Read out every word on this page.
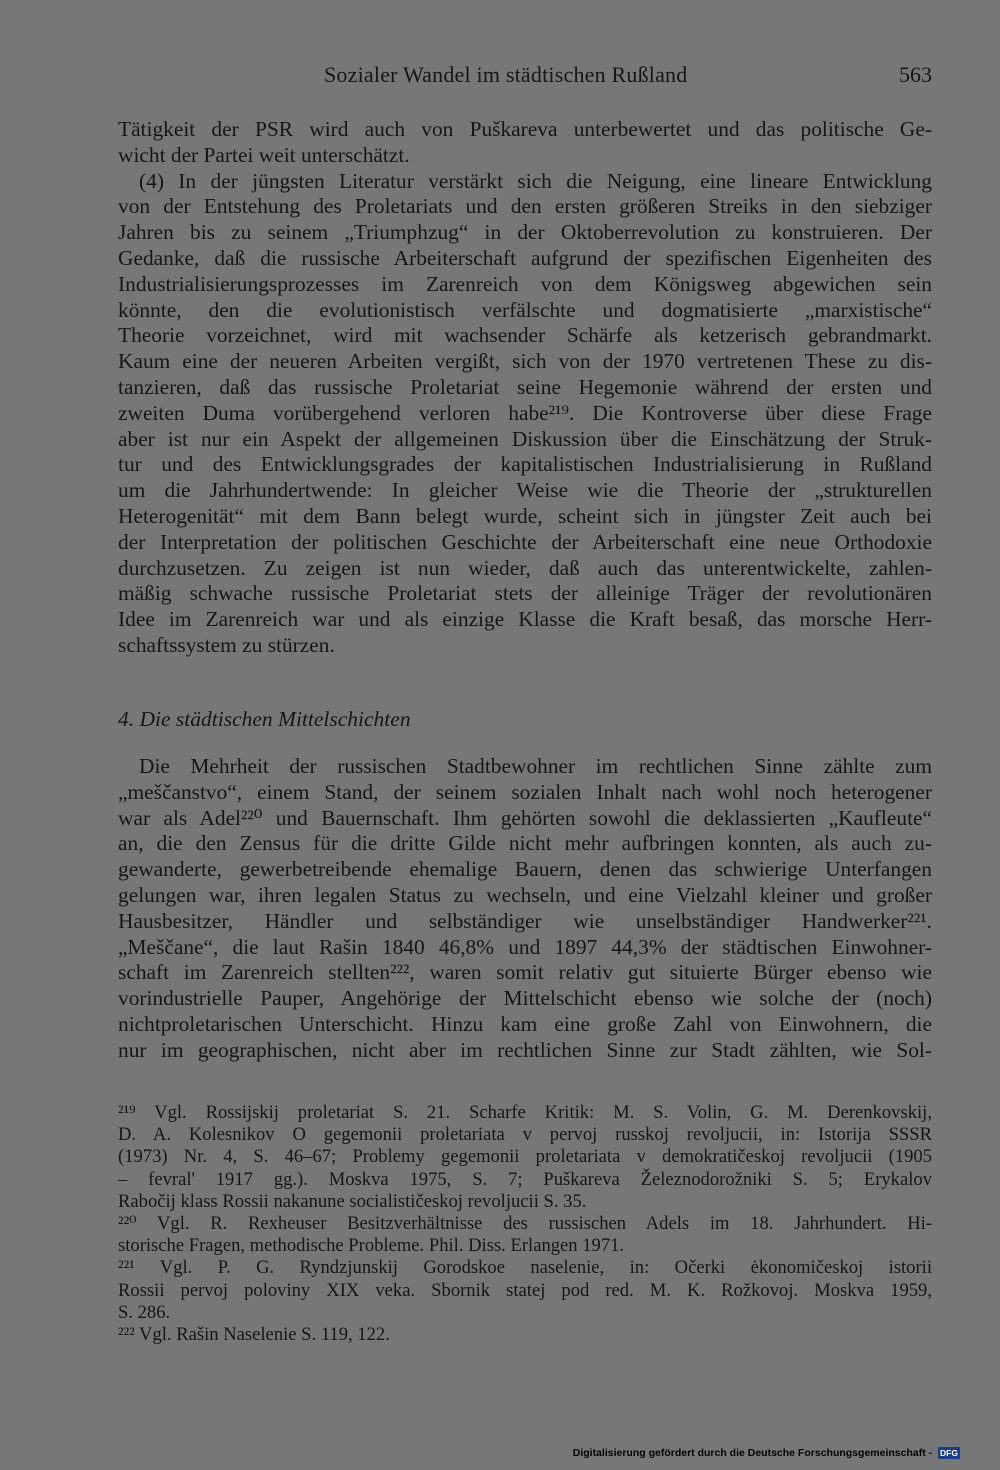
Sozialer Wandel im städtischen Rußland	563
Tätigkeit der PSR wird auch von Puškareva unterbewertet und das politische Ge-
wicht der Partei weit unterschätzt.
(4) In der jüngsten Literatur verstärkt sich die Neigung, eine lineare Entwicklung
von der Entstehung des Proletariats und den ersten größeren Streiks in den siebziger
Jahren bis zu seinem „Triumphzug“ in der Oktoberrevolution zu konstruieren. Der
Gedanke, daß die russische Arbeiterschaft aufgrund der spezifischen Eigenheiten des
Industrialisierungsprozesses im Zarenreich von dem Königsweg abgewichen sein
könnte, den die evolutionistisch verfälschte und dogmatisierte „marxistische“
Theorie vorzeichnet, wird mit wachsender Schärfe als ketzerisch gebrandmarkt.
Kaum eine der neueren Arbeiten vergißt, sich von der 1970 vertretenen These zu dis-
tanzieren, daß das russische Proletariat seine Hegemonie während der ersten und
zweiten Duma vorübergehend verloren habe²¹⁹. Die Kontroverse über diese Frage
aber ist nur ein Aspekt der allgemeinen Diskussion über die Einschätzung der Struk-
tur und des Entwicklungsgrades der kapitalistischen Industrialisierung in Rußland
um die Jahrhundertwende: In gleicher Weise wie die Theorie der „strukturellen
Heterogenität“ mit dem Bann belegt wurde, scheint sich in jüngster Zeit auch bei
der Interpretation der politischen Geschichte der Arbeiterschaft eine neue Orthodoxie
durchzusetzen. Zu zeigen ist nun wieder, daß auch das unterentwickelte, zahlen-
mäßig schwache russische Proletariat stets der alleinige Träger der revolutionären
Idee im Zarenreich war und als einzige Klasse die Kraft besaß, das morsche Herr-
schaftssystem zu stürzen.
4. Die städtischen Mittelschichten
Die Mehrheit der russischen Stadtbewohner im rechtlichen Sinne zählte zum
„meščanstvo“, einem Stand, der seinem sozialen Inhalt nach wohl noch heterogener
war als Adel²²⁰ und Bauernschaft. Ihm gehörten sowohl die deklassierten „Kaufleute“
an, die den Zensus für die dritte Gilde nicht mehr aufbringen konnten, als auch zu-
gewanderte, gewerbetreibende ehemalige Bauern, denen das schwierige Unterfangen
gelungen war, ihren legalen Status zu wechseln, und eine Vielzahl kleiner und großer
Hausbesitzer, Händler und selbständiger wie unselbständiger Handwerker²²¹.
„Meščane“, die laut Rašin 1840 46,8% und 1897 44,3% der städtischen Einwohner-
schaft im Zarenreich stellten²²², waren somit relativ gut situierte Bürger ebenso wie
vorindustrielle Pauper, Angehörige der Mittelschicht ebenso wie solche der (noch)
nichtproletarischen Unterschicht. Hinzu kam eine große Zahl von Einwohnern, die
nur im geographischen, nicht aber im rechtlichen Sinne zur Stadt zählten, wie Sol-
²¹⁹ Vgl. Rossijskij proletariat S. 21. Scharfe Kritik: M. S. Volin, G. M. Derenkovskij,
D. A. Kolesnikov O gegemonii proletariata v pervoj russkoj revoljucii, in: Istorija SSSR
(1973) Nr. 4, S. 46–67; Problemy gegemonii proletariata v demokratičeskoj revoljucii (1905
– fevral' 1917 gg.). Moskva 1975, S. 7; Puškareva Železnodorožniki S. 5; Erykalov
Rabočij klass Rossii nakanune socialističeskoj revoljucii S. 35.
²²⁰ Vgl. R. Rexheuser Besitzverhältnisse des russischen Adels im 18. Jahrhundert. Hi-
storische Fragen, methodische Probleme. Phil. Diss. Erlangen 1971.
²²¹ Vgl. P. G. Ryndzjunskij Gorodskoe naselenie, in: Očerki ėkonomičeskoj istorii
Rossii pervoj poloviny XIX veka. Sbornik statej pod red. M. K. Rožkovoj. Moskva 1959,
S. 286.
²²² Vgl. Rašin Naselenie S. 119, 122.
Digitalisierung gefördert durch die Deutsche Forschungsgemeinschaft - DFG
